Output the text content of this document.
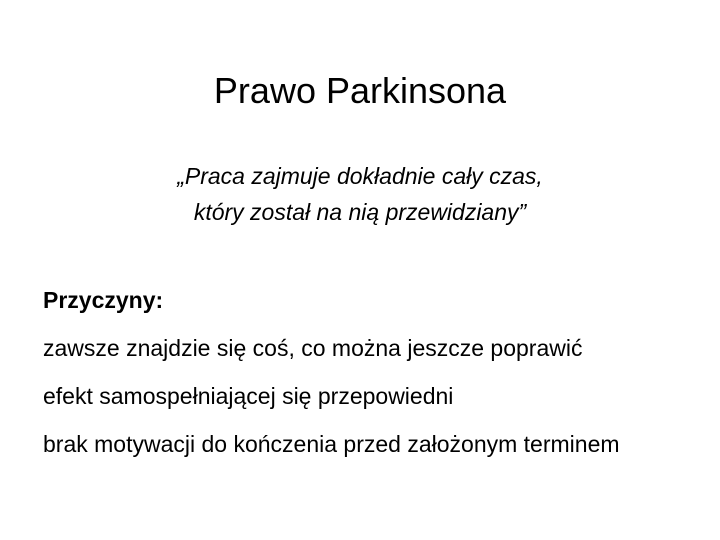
Prawo Parkinsona
„Praca zajmuje dokładnie cały czas,
który został na nią przewidziany”
Przyczyny:
zawsze znajdzie się coś, co można jeszcze poprawić
efekt samospełniającej się przepowiedni
brak motywacji do kończenia przed założonym terminem
